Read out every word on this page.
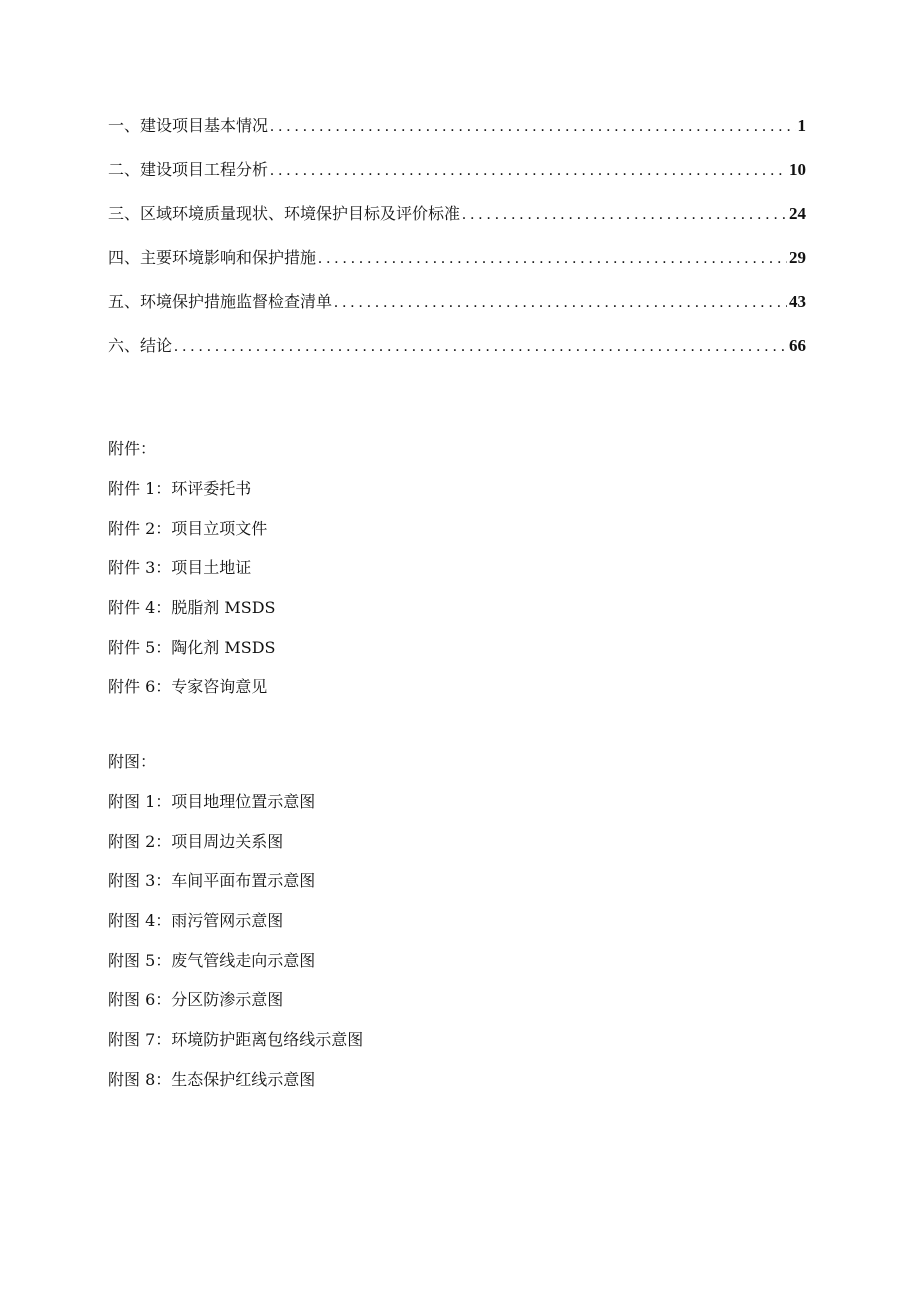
一、建设项目基本情况 .....	1
二、建设项目工程分析 .....	10
三、区域环境质量现状、环境保护目标及评价标准 .....	24
四、主要环境影响和保护措施 .....	29
五、环境保护措施监督检查清单 .....	43
六、结论 .....	66
附件：
附件 1：环评委托书
附件 2：项目立项文件
附件 3：项目土地证
附件 4：脱脂剂 MSDS
附件 5：陶化剂 MSDS
附件 6：专家咨询意见
附图：
附图 1：项目地理位置示意图
附图 2：项目周边关系图
附图 3：车间平面布置示意图
附图 4：雨污管网示意图
附图 5：废气管线走向示意图
附图 6：分区防渗示意图
附图 7：环境防护距离包络线示意图
附图 8：生态保护红线示意图
